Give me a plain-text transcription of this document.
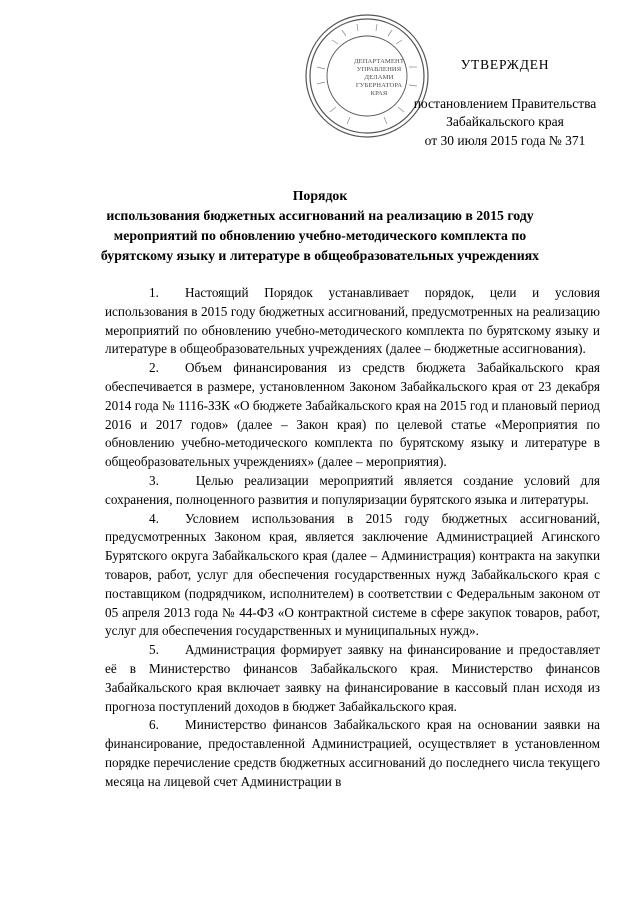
ДЕПАРТАМЕНТ УПРАВЛЕНИЯ ДЕЛАМИ ГУБЕРНАТОРА КРАЯ
УТВЕРЖДЕН
постановлением Правительства
Забайкальского края
от 30 июля 2015 года № 371
Порядок
использования бюджетных ассигнований на реализацию в 2015 году
мероприятий по обновлению учебно-методического комплекта по
бурятскому языку и литературе в общеобразовательных учреждениях

1. Настоящий Порядок устанавливает порядок, цели и условия использования в 2015 году бюджетных ассигнований, предусмотренных на реализацию мероприятий по обновлению учебно-методического комплекта по бурятскому языку и литературе в общеобразовательных учреждениях (далее – бюджетные ассигнования).

2. Объем финансирования из средств бюджета Забайкальского края обеспечивается в размере, установленном Законом Забайкальского края от 23 декабря 2014 года № 1116-ЗЗК «О бюджете Забайкальского края на 2015 год и плановый период 2016 и 2017 годов» (далее – Закон края) по целевой статье «Мероприятия по обновлению учебно-методического комплекта по бурятскому языку и литературе в общеобразовательных учреждениях» (далее – мероприятия).

3. Целью реализации мероприятий является создание условий для сохранения, полноценного развития и популяризации бурятского языка и литературы.

4. Условием использования в 2015 году бюджетных ассигнований, предусмотренных Законом края, является заключение Администрацией Агинского Бурятского округа Забайкальского края (далее – Администрация) контракта на закупки товаров, работ, услуг для обеспечения государственных нужд Забайкальского края с поставщиком (подрядчиком, исполнителем) в соответствии с Федеральным законом от 05 апреля 2013 года № 44-ФЗ «О контрактной системе в сфере закупок товаров, работ, услуг для обеспечения государственных и муниципальных нужд».

5. Администрация формирует заявку на финансирование и предоставляет её в Министерство финансов Забайкальского края. Министерство финансов Забайкальского края включает заявку на финансирование в кассовый план исходя из прогноза поступлений доходов в бюджет Забайкальского края.

6. Министерство финансов Забайкальского края на основании заявки на финансирование, предоставленной Администрацией, осуществляет в установленном порядке перечисление средств бюджетных ассигнований до последнего числа текущего месяца на лицевой счет Администрации в
